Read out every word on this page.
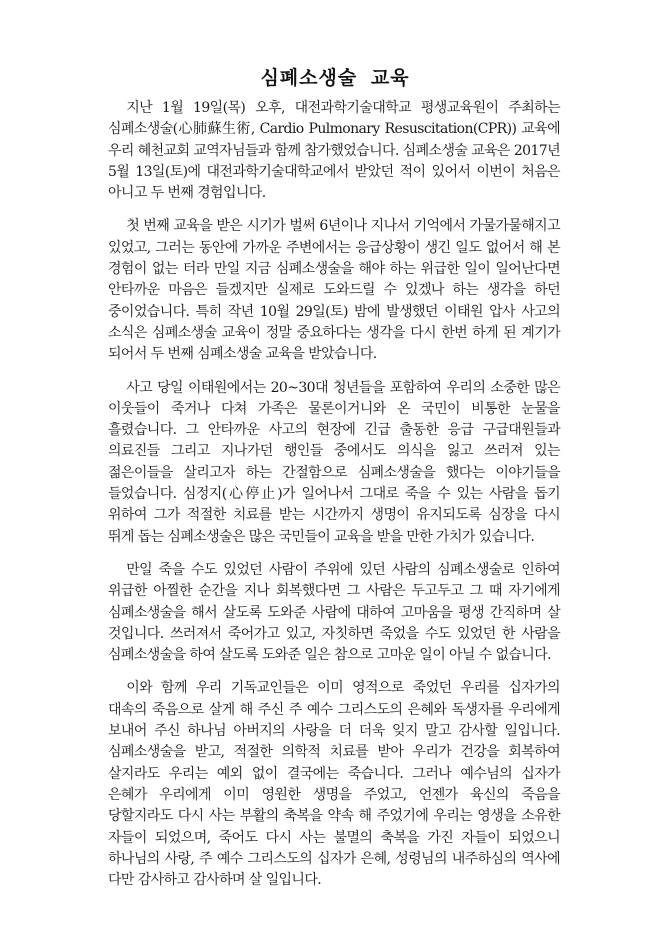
심폐소생술 교육

지난 1월 19일(목) 오후, 대전과학기술대학교 평생교육원이 주최하는 심폐소생술(心肺蘇生術, Cardio Pulmonary Resuscitation(CPR)) 교육에 우리 혜천교회 교역자님들과 함께 참가했었습니다. 심폐소생술 교육은 2017년 5월 13일(토)에 대전과학기술대학교에서 받았던 적이 있어서 이번이 처음은 아니고 두 번째 경험입니다.

첫 번째 교육을 받은 시기가 벌써 6년이나 지나서 기억에서 가물가물해지고 있었고, 그러는 동안에 가까운 주변에서는 응급상황이 생긴 일도 없어서 해 본 경험이 없는 터라 만일 지금 심폐소생술을 해야 하는 위급한 일이 일어난다면 안타까운 마음은 들겠지만 실제로 도와드릴 수 있겠나 하는 생각을 하던 중이었습니다. 특히 작년 10월 29일(토) 밤에 발생했던 이태원 압사 사고의 소식은 심폐소생술 교육이 정말 중요하다는 생각을 다시 한번 하게 된 계기가 되어서 두 번째 심폐소생술 교육을 받았습니다.

사고 당일 이태원에서는 20~30대 청년들을 포함하여 우리의 소중한 많은 이웃들이 죽거나 다쳐 가족은 물론이거니와 온 국민이 비통한 눈물을 흘렸습니다. 그 안타까운 사고의 현장에 긴급 출동한 응급 구급대원들과 의료진들 그리고 지나가던 행인들 중에서도 의식을 잃고 쓰러져 있는 젊은이들을 살리고자 하는 간절함으로 심폐소생술을 했다는 이야기들을 들었습니다. 심정지(心停止)가 일어나서 그대로 죽을 수 있는 사람을 돕기 위하여 그가 적절한 치료를 받는 시간까지 생명이 유지되도록 심장을 다시 뛰게 돕는 심폐소생술은 많은 국민들이 교육을 받을 만한 가치가 있습니다.

만일 죽을 수도 있었던 사람이 주위에 있던 사람의 심폐소생술로 인하여 위급한 아찔한 순간을 지나 회복했다면 그 사람은 두고두고 그 때 자기에게 심폐소생술을 해서 살도록 도와준 사람에 대하여 고마움을 평생 간직하며 살 것입니다. 쓰러져서 죽어가고 있고, 자칫하면 죽었을 수도 있었던 한 사람을 심폐소생술을 하여 살도록 도와준 일은 참으로 고마운 일이 아닐 수 없습니다.

이와 함께 우리 기독교인들은 이미 영적으로 죽었던 우리를 십자가의 대속의 죽음으로 살게 해 주신 주 예수 그리스도의 은혜와 독생자를 우리에게 보내어 주신 하나님 아버지의 사랑을 더 더욱 잊지 말고 감사할 일입니다. 심폐소생술을 받고, 적절한 의학적 치료를 받아 우리가 건강을 회복하여 살지라도 우리는 예외 없이 결국에는 죽습니다. 그러나 예수님의 십자가 은혜가 우리에게 이미 영원한 생명을 주었고, 언젠가 육신의 죽음을 당할지라도 다시 사는 부활의 축복을 약속 해 주었기에 우리는 영생을 소유한 자들이 되었으며, 죽어도 다시 사는 불멸의 축복을 가진 자들이 되었으니 하나님의 사랑, 주 예수 그리스도의 십자가 은혜, 성령님의 내주하심의 역사에 다만 감사하고 감사하며 살 일입니다.
